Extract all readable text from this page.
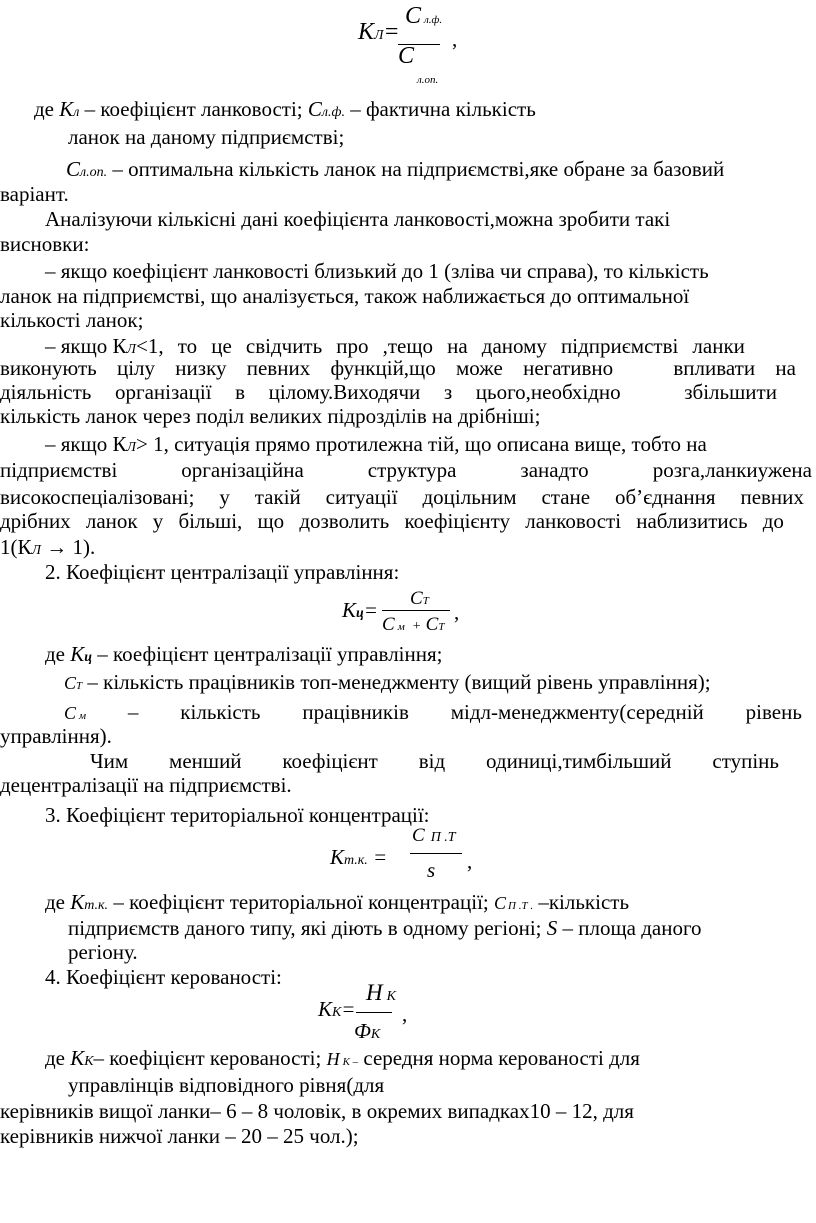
КЛ=
Сл.ф.
,
С
л.оп.
де Кл – коефіцієнт ланковості; Сл.ф. – фактична кількість
ланок на даному підприємстві;
Сл.оп. – оптимальна кількість ланок на підприємстві,яке обране за базовий
варіант.
Аналізуючи кількісні дані коефіцієнта ланковості,можна зробити такі
висновки:
– якщо коефіцієнт ланковості близький до 1 (зліва чи справа), то кількість
ланок на підприємстві, що аналізується, також наближається до оптимальної
кількості ланок;
– якщо КЛ<1, то це свідчить про ,тещо на даному підприємстві ланки
виконують цілу низку певних функцій,що може негативно	впливати на
діяльність організації в цілому.Виходячи з цього,необхідно	збільшити
кількість ланок через поділ великих підрозділів на дрібніші;
– якщо КЛ> 1, ситуація прямо протилежна тій, що описана вище, тобто на
підприємстві	організаційна	структура	занадто	розга,ланкиужена
високоспеціалізовані; у такій ситуації доцільним стане об’єднання певних
дрібних ланок у більші, що дозволить коефіцієнту ланковості наблизитись до
1(КЛ → 1).
2. Коефіцієнт централізації управління:
Кц= СТ ,
См + СТ
де Кц – коефіцієнт централізації управління;
СТ – кількість працівників топ-менеджменту (вищий рівень управління);
С м – кількість працівників мідл-менеджменту(середній рівень
управління).
Чим менший коефіцієнт від одиниці,тимбільший ступінь
децентралізації на підприємстві.
3. Коефіцієнт територіальної концентрації:
С П .Т
Кт.к. =	,
s
де Кт.к. – коефіцієнт територіальної концентрації; С П .Т . –кількість
підприємств даного типу, які діють в одному регіоні; S – площа даного
регіону.
4. Коефіцієнт керованості:
Н К
КК= ,
ФК
де КК– коефіцієнт керованості; Н К – середня норма керованості для
управлінців відповідного рівня(для
керівників вищої ланки– 6 – 8 чоловік, в окремих випадках10 – 12, для
керівників нижчої ланки – 20 – 25 чол.);
